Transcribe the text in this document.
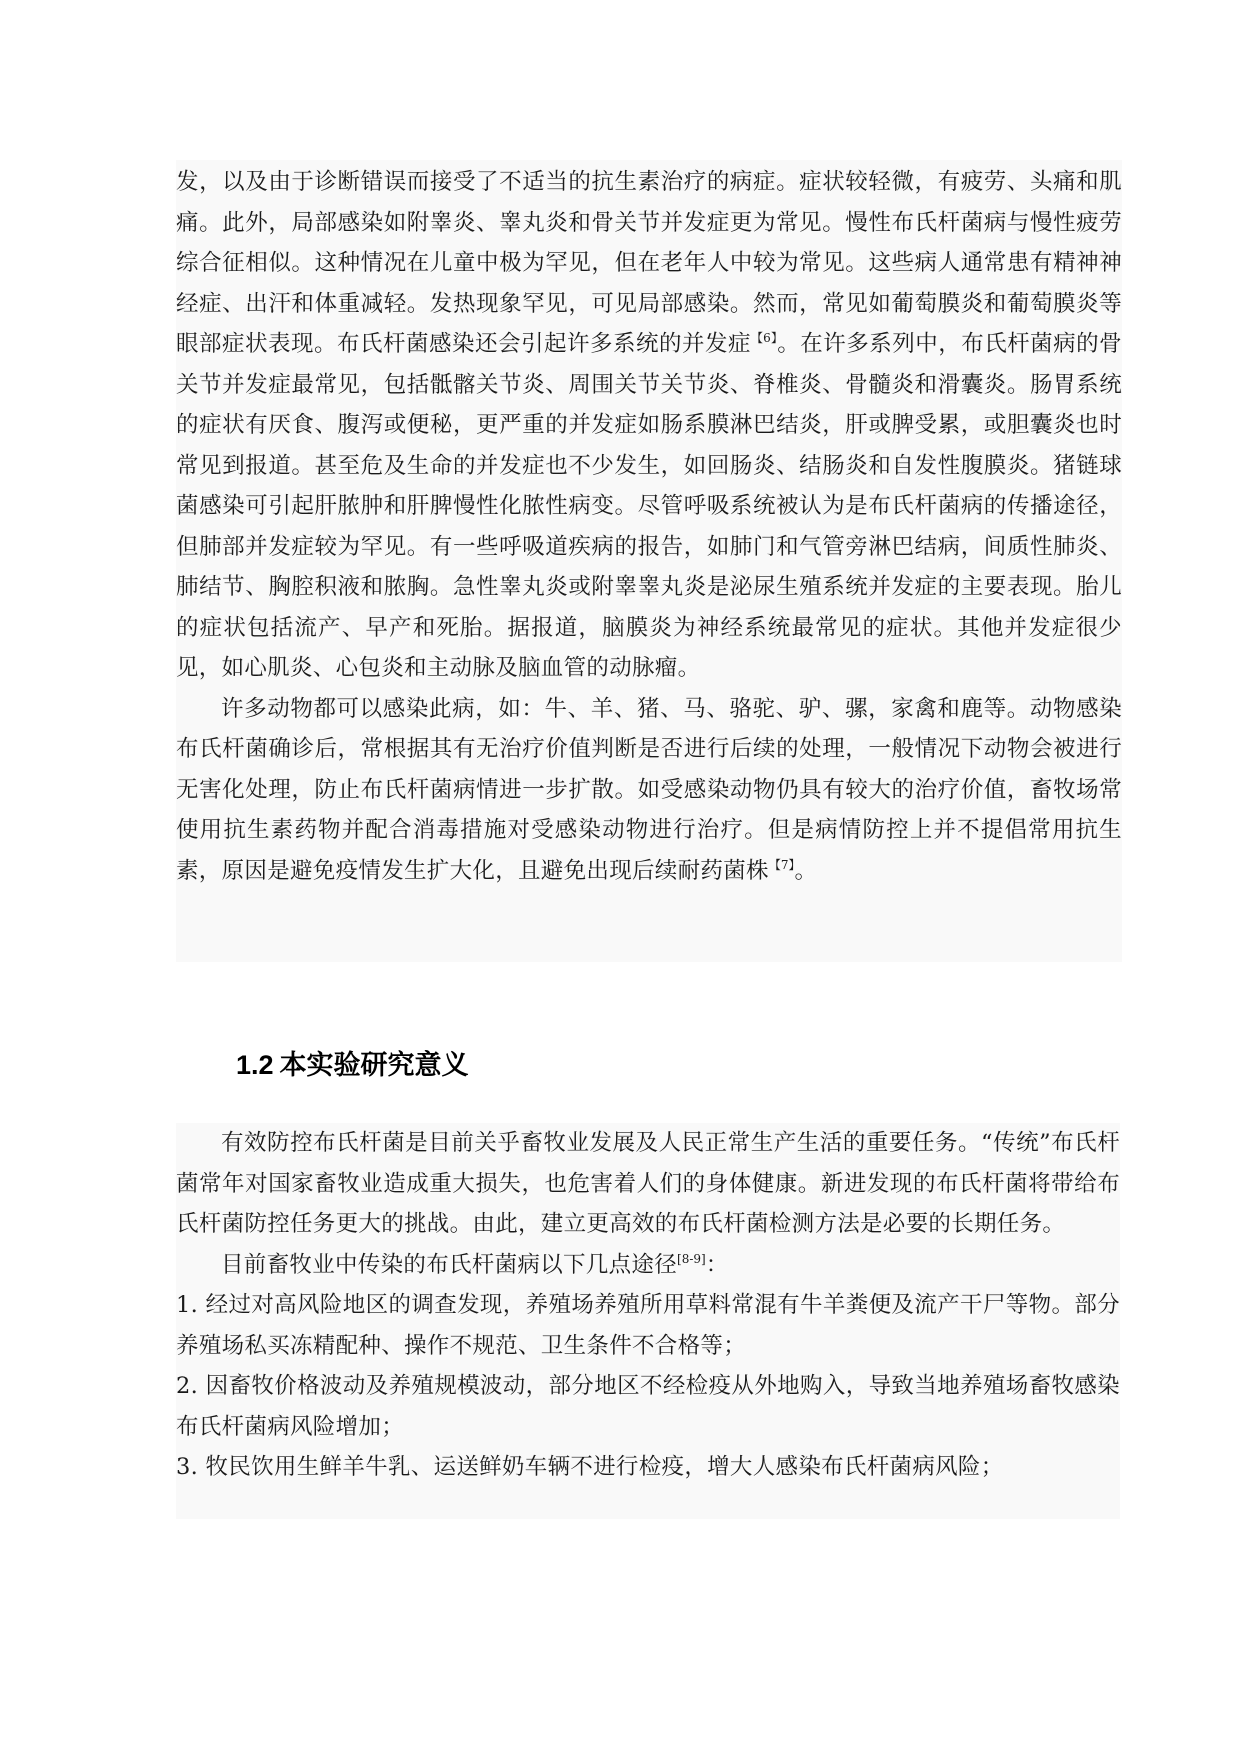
发，以及由于诊断错误而接受了不适当的抗生素治疗的病症。症状较轻微，有疲劳、头痛和肌痛。此外，局部感染如附睾炎、睾丸炎和骨关节并发症更为常见。慢性布氏杆菌病与慢性疲劳综合征相似。这种情况在儿童中极为罕见，但在老年人中较为常见。这些病人通常患有精神神经症、出汗和体重减轻。发热现象罕见，可见局部感染。然而，常见如葡萄膜炎和葡萄膜炎等眼部症状表现。布氏杆菌感染还会引起许多系统的并发症$^{【6】}$。在许多系列中，布氏杆菌病的骨关节并发症最常见，包括骶髂关节炎、周围关节关节炎、脊椎炎、骨髓炎和滑囊炎。肠胃系统的症状有厌食、腹泻或便秘，更严重的并发症如肠系膜淋巴结炎，肝或脾受累，或胆囊炎也时常见到报道。甚至危及生命的并发症也不少发生，如回肠炎、结肠炎和自发性腹膜炎。猪链球菌感染可引起肝脓肿和肝脾慢性化脓性病变。尽管呼吸系统被认为是布氏杆菌病的传播途径，但肺部并发症较为罕见。有一些呼吸道疾病的报告，如肺门和气管旁淋巴结病，间质性肺炎、肺结节、胸腔积液和脓胸。急性睾丸炎或附睾睾丸炎是泌尿生殖系统并发症的主要表现。胎儿的症状包括流产、早产和死胎。据报道，脑膜炎为神经系统最常见的症状。其他并发症很少见，如心肌炎、心包炎和主动脉及脑血管的动脉瘤。

许多动物都可以感染此病，如：牛、羊、猪、马、骆驼、驴、骡，家禽和鹿等。动物感染布氏杆菌确诊后，常根据其有无治疗价值判断是否进行后续的处理，一般情况下动物会被进行无害化处理，防止布氏杆菌病情进一步扩散。如受感染动物仍具有较大的治疗价值，畜牧场常使用抗生素药物并配合消毒措施对受感染动物进行治疗。但是病情防控上并不提倡常用抗生素，原因是避免疫情发生扩大化，且避免出现后续耐药菌株$^{【7】}$。

1.2 本实验研究意义

有效防控布氏杆菌是目前关乎畜牧业发展及人民正常生产生活的重要任务。“传统”布氏杆菌常年对国家畜牧业造成重大损失，也危害着人们的身体健康。新进发现的布氏杆菌将带给布氏杆菌防控任务更大的挑战。由此，建立更高效的布氏杆菌检测方法是必要的长期任务。

目前畜牧业中传染的布氏杆菌病以下几点途径[8-9]：

1. 经过对高风险地区的调查发现，养殖场养殖所用草料常混有牛羊粪便及流产干尸等物。部分养殖场私买冻精配种、操作不规范、卫生条件不合格等；

2. 因畜牧价格波动及养殖规模波动，部分地区不经检疫从外地购入，导致当地养殖场畜牧感染布氏杆菌病风险增加；

3. 牧民饮用生鲜羊牛乳、运送鲜奶车辆不进行检疫，增大人感染布氏杆菌病风险；
